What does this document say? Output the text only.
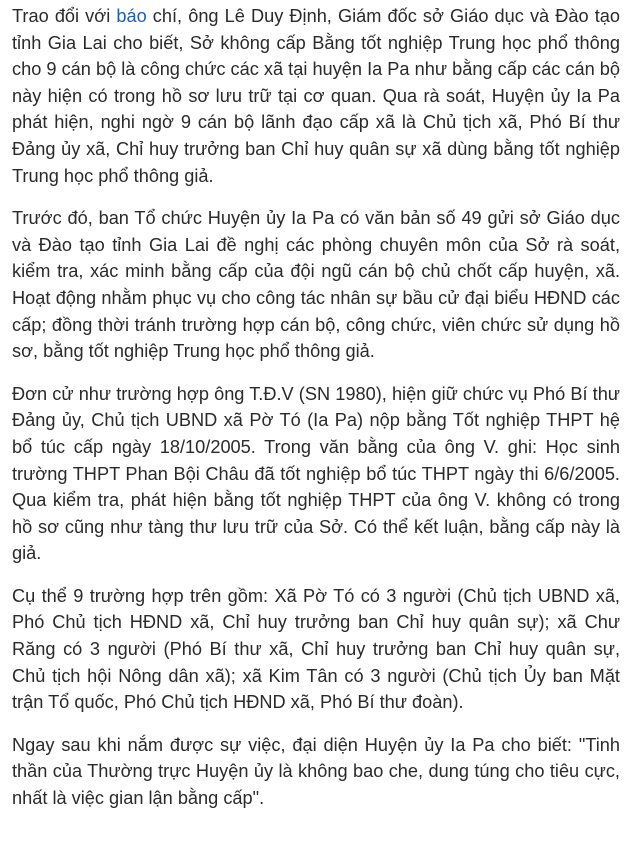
Trao đổi với báo chí, ông Lê Duy Định, Giám đốc sở Giáo dục và Đào tạo tỉnh Gia Lai cho biết, Sở không cấp Bằng tốt nghiệp Trung học phổ thông cho 9 cán bộ là công chức các xã tại huyện Ia Pa như bằng cấp các cán bộ này hiện có trong hồ sơ lưu trữ tại cơ quan. Qua rà soát, Huyện ủy Ia Pa phát hiện, nghi ngờ 9 cán bộ lãnh đạo cấp xã là Chủ tịch xã, Phó Bí thư Đảng ủy xã, Chỉ huy trưởng ban Chỉ huy quân sự xã dùng bằng tốt nghiệp Trung học phổ thông giả.

Trước đó, ban Tổ chức Huyện ủy Ia Pa có văn bản số 49 gửi sở Giáo dục và Đào tạo tỉnh Gia Lai đề nghị các phòng chuyên môn của Sở rà soát, kiểm tra, xác minh bằng cấp của đội ngũ cán bộ chủ chốt cấp huyện, xã. Hoạt động nhằm phục vụ cho công tác nhân sự bầu cử đại biểu HĐND các cấp; đồng thời tránh trường hợp cán bộ, công chức, viên chức sử dụng hồ sơ, bằng tốt nghiệp Trung học phổ thông giả.

Đơn cử như trường hợp ông T.Đ.V (SN 1980), hiện giữ chức vụ Phó Bí thư Đảng ủy, Chủ tịch UBND xã Pờ Tó (Ia Pa) nộp bằng Tốt nghiệp THPT hệ bổ túc cấp ngày 18/10/2005. Trong văn bằng của ông V. ghi: Học sinh trường THPT Phan Bội Châu đã tốt nghiệp bổ túc THPT ngày thi 6/6/2005. Qua kiểm tra, phát hiện bằng tốt nghiệp THPT của ông V. không có trong hồ sơ cũng như tàng thư lưu trữ của Sở. Có thể kết luận, bằng cấp này là giả.

Cụ thể 9 trường hợp trên gồm: Xã Pờ Tó có 3 người (Chủ tịch UBND xã, Phó Chủ tịch HĐND xã, Chỉ huy trưởng ban Chỉ huy quân sự); xã Chư Răng có 3 người (Phó Bí thư xã, Chỉ huy trưởng ban Chỉ huy quân sự, Chủ tịch hội Nông dân xã); xã Kim Tân có 3 người (Chủ tịch Ủy ban Mặt trận Tổ quốc, Phó Chủ tịch HĐND xã, Phó Bí thư đoàn).

Ngay sau khi nắm được sự việc, đại diện Huyện ủy Ia Pa cho biết: "Tinh thần của Thường trực Huyện ủy là không bao che, dung túng cho tiêu cực, nhất là việc gian lận bằng cấp".
